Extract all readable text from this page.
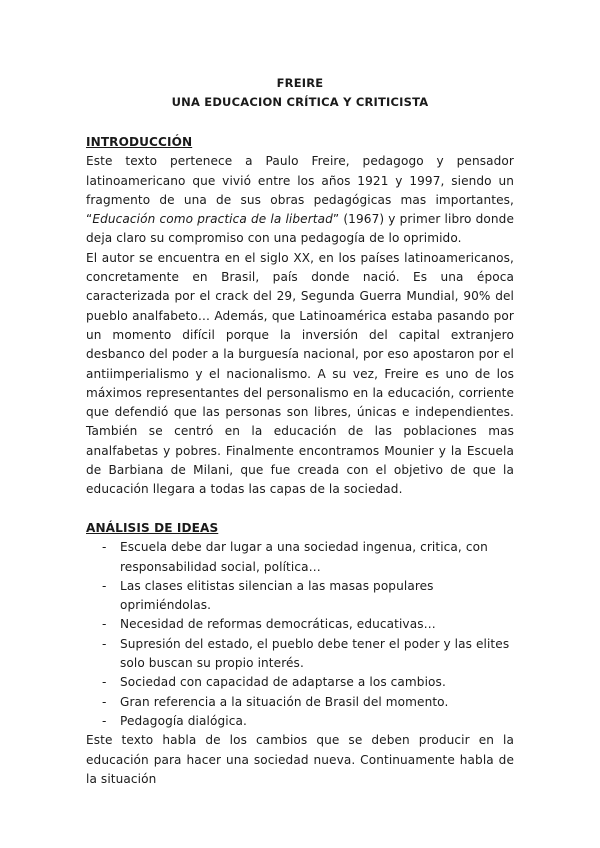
FREIRE
UNA EDUCACION CRÍTICA Y CRITICISTA

INTRODUCCIÓN

Este texto pertenece a Paulo Freire, pedagogo y pensador latinoamericano que vivió entre los años 1921 y 1997, siendo un fragmento de una de sus obras pedagógicas mas importantes, “Educación como practica de la libertad” (1967) y primer libro donde deja claro su compromiso con una pedagogía de lo oprimido.

El autor se encuentra en el siglo XX, en los países latinoamericanos, concretamente en Brasil, país donde nació. Es una época caracterizada por el crack del 29, Segunda Guerra Mundial, 90% del pueblo analfabeto… Además, que Latinoamérica estaba pasando por un momento difícil porque la inversión del capital extranjero desbanco del poder a la burguesía nacional, por eso apostaron por el antiimperialismo y el nacionalismo. A su vez, Freire es uno de los máximos representantes del personalismo en la educación, corriente que defendió que las personas son libres, únicas e independientes. También se centró en la educación de las poblaciones mas analfabetas y pobres. Finalmente encontramos Mounier y la Escuela de Barbiana de Milani, que fue creada con el objetivo de que la educación llegara a todas las capas de la sociedad.

ANÁLISIS DE IDEAS

- Escuela debe dar lugar a una sociedad ingenua, critica, con responsabilidad social, política…
- Las clases elitistas silencian a las masas populares oprimiéndolas.
- Necesidad de reformas democráticas, educativas…
- Supresión del estado, el pueblo debe tener el poder y las elites solo buscan su propio interés.
- Sociedad con capacidad de adaptarse a los cambios.
- Gran referencia a la situación de Brasil del momento.
- Pedagogía dialógica.

Este texto habla de los cambios que se deben producir en la educación para hacer una sociedad nueva. Continuamente habla de la situación
